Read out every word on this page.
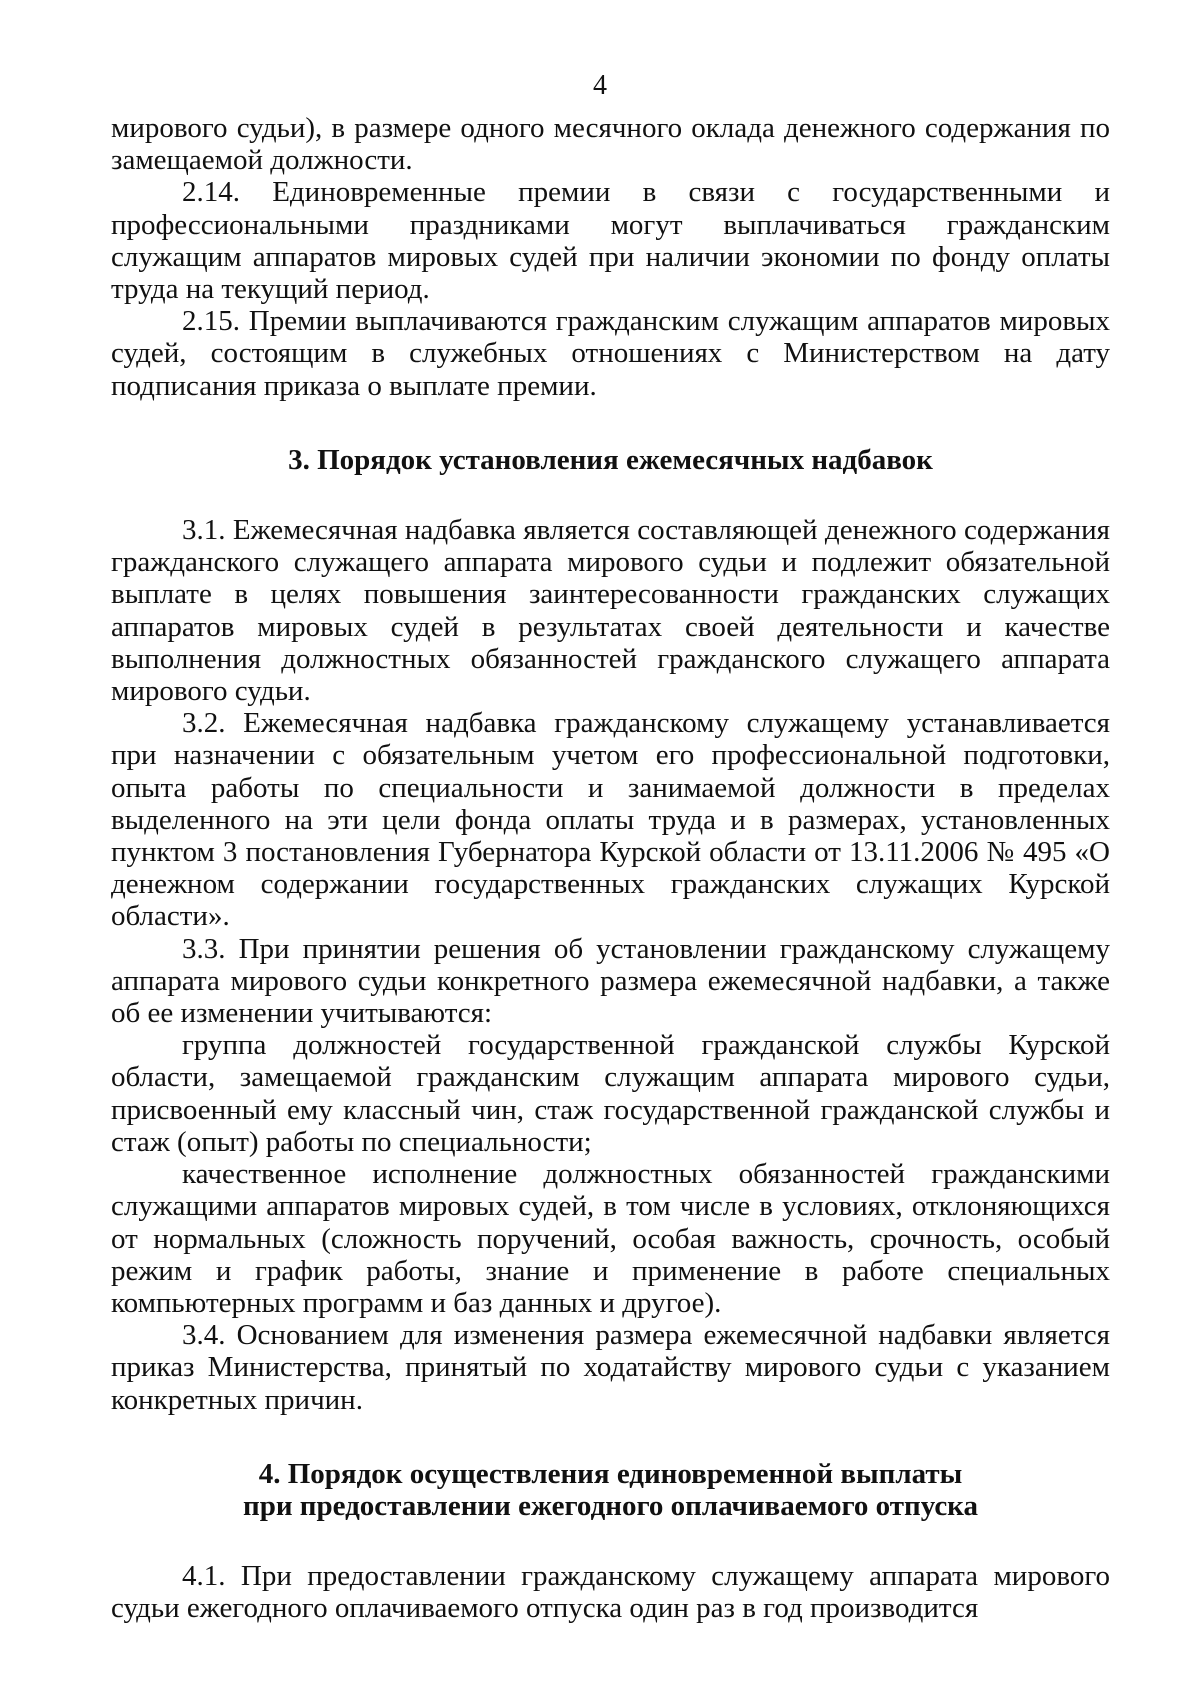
4

мирового судьи), в размере одного месячного оклада денежного содержания по замещаемой должности.

2.14. Единовременные премии в связи с государственными и профессиональными праздниками могут выплачиваться гражданским служащим аппаратов мировых судей при наличии экономии по фонду оплаты труда на текущий период.

2.15. Премии выплачиваются гражданским служащим аппаратов мировых судей, состоящим в служебных отношениях с Министерством на дату подписания приказа о выплате премии.

3. Порядок установления ежемесячных надбавок

3.1. Ежемесячная надбавка является составляющей денежного содержания гражданского служащего аппарата мирового судьи и подлежит обязательной выплате в целях повышения заинтересованности гражданских служащих аппаратов мировых судей в результатах своей деятельности и качестве выполнения должностных обязанностей гражданского служащего аппарата мирового судьи.

3.2. Ежемесячная надбавка гражданскому служащему устанавливается при назначении с обязательным учетом его профессиональной подготовки, опыта работы по специальности и занимаемой должности в пределах выделенного на эти цели фонда оплаты труда и в размерах, установленных пунктом 3 постановления Губернатора Курской области от 13.11.2006 № 495 «О денежном содержании государственных гражданских служащих Курской области».

3.3. При принятии решения об установлении гражданскому служащему аппарата мирового судьи конкретного размера ежемесячной надбавки, а также об ее изменении учитываются:

группа должностей государственной гражданской службы Курской области, замещаемой гражданским служащим аппарата мирового судьи, присвоенный ему классный чин, стаж государственной гражданской службы и стаж (опыт) работы по специальности;

качественное исполнение должностных обязанностей гражданскими служащими аппаратов мировых судей, в том числе в условиях, отклоняющихся от нормальных (сложность поручений, особая важность, срочность, особый режим и график работы, знание и применение в работе специальных компьютерных программ и баз данных и другое).

3.4. Основанием для изменения размера ежемесячной надбавки является приказ Министерства, принятый по ходатайству мирового судьи с указанием конкретных причин.

4. Порядок осуществления единовременной выплаты
при предоставлении ежегодного оплачиваемого отпуска

4.1. При предоставлении гражданскому служащему аппарата мирового судьи ежегодного оплачиваемого отпуска один раз в год производится
